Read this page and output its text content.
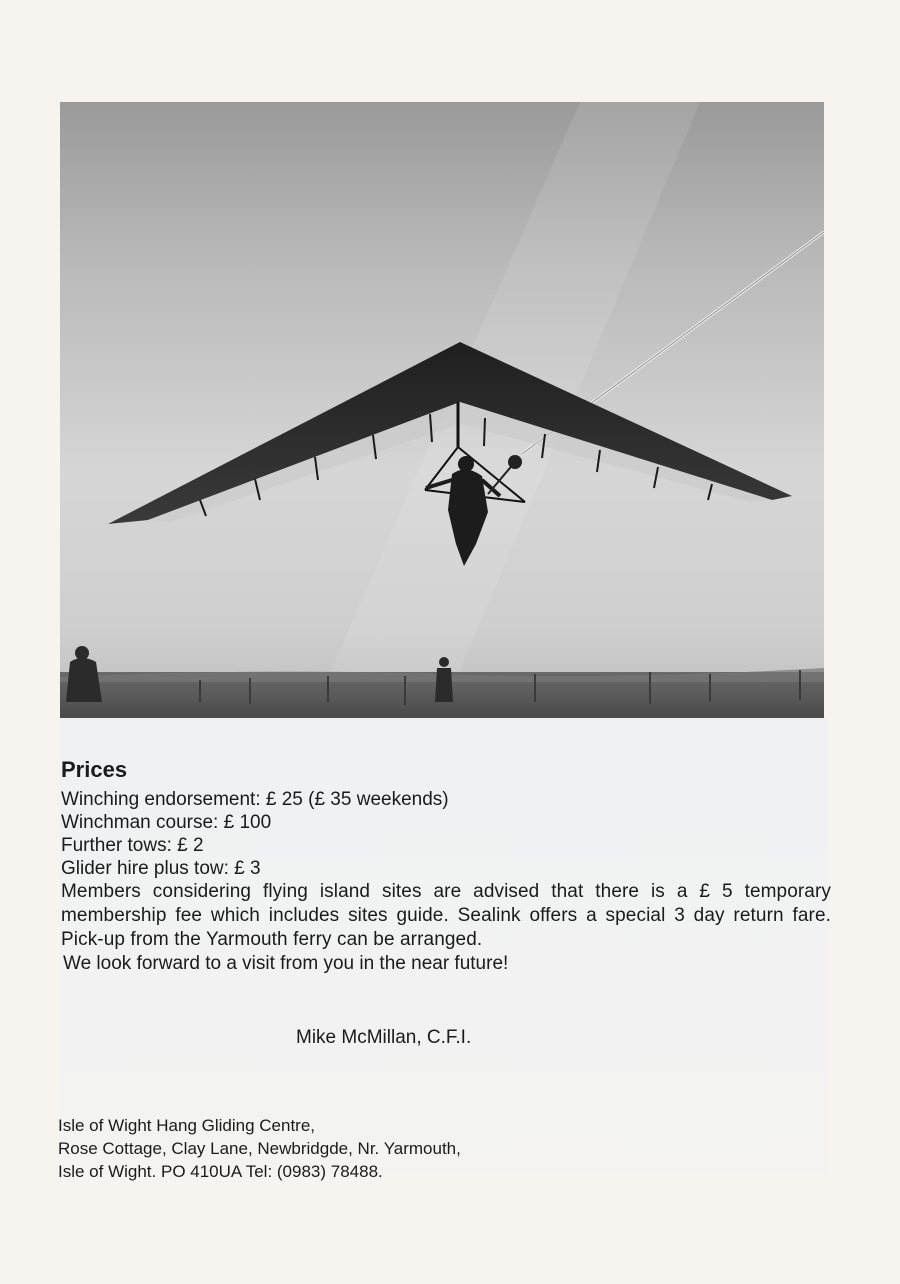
Prices

Winching endorsement: £ 25 (£ 35 weekends)

Winchman course: £ 100

Further tows: £ 2

Glider hire plus tow: £ 3

Members considering flying island sites are advised that there is a £ 5 temporary membership fee which includes sites guide. Sealink offers a special 3 day return fare. Pick-up from the Yarmouth ferry can be arranged.

We look forward to a visit from you in the near future!

Mike McMillan, C.F.I.
Isle of Wight Hang Gliding Centre,
Rose Cottage, Clay Lane, Newbridgde, Nr. Yarmouth,
Isle of Wight. PO 410UA Tel: (0983) 78488.
